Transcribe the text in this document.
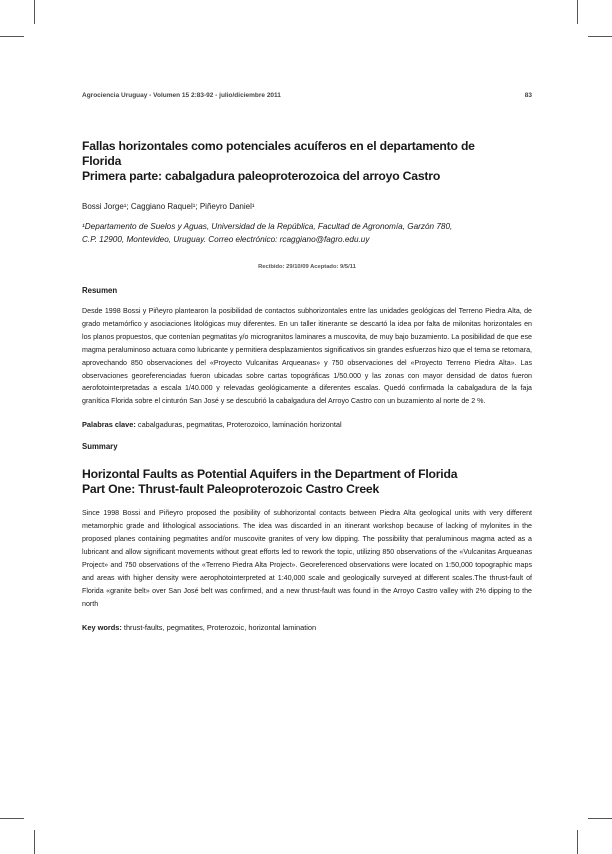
Agrociencia Uruguay - Volumen 15 2:83-92 - julio/diciembre 2011	83
Fallas horizontales como potenciales acuíferos en el departamento de
Florida
Primera parte: cabalgadura paleoproterozoica del arroyo Castro
Bossi Jorge¹; Caggiano Raquel¹; Piñeyro Daniel¹
¹Departamento de Suelos y Aguas, Universidad de la República, Facultad de Agronomía, Garzón 780,
C.P. 12900, Montevideo, Uruguay. Correo electrónico: rcaggiano@fagro.edu.uy
Recibido: 29/10/09 Aceptado: 9/5/11
Resumen
Desde 1998 Bossi y Piñeyro plantearon la posibilidad de contactos subhorizontales entre las unidades geológicas del Terreno Piedra Alta, de grado metamórfico y asociaciones litológicas muy diferentes. En un taller itinerante se descartó la idea por falta de milonitas horizontales en los planos propuestos, que contenían pegmatitas y/o microgranitos laminares a muscovita, de muy bajo buzamiento. La posibilidad de que ese magma peraluminoso actuara como lubricante y permitiera desplazamientos significativos sin grandes esfuerzos hizo que el tema se retomara, aprovechando 850 observaciones del «Proyecto Vulcanitas Arqueanas» y 750 observaciones del «Proyecto Terreno Piedra Alta». Las observaciones georeferenciadas fueron ubicadas sobre cartas topográficas 1/50.000 y las zonas con mayor densidad de datos fueron aerofotointerpretadas a escala 1/40.000 y relevadas geológicamente a diferentes escalas. Quedó confirmada la cabalgadura de la faja granítica Florida sobre el cinturón San José y se descubrió la cabalgadura del Arroyo Castro con un buzamiento al norte de 2 %.
Palabras clave: cabalgaduras, pegmatitas, Proterozoico, laminación horizontal
Summary
Horizontal Faults as Potential Aquifers in the Department of Florida
Part One: Thrust-fault Paleoproterozoic Castro Creek
Since 1998 Bossi and Piñeyro proposed the posibility of subhorizontal contacts between Piedra Alta geological units with very different metamorphic grade and lithological associations. The idea was discarded in an itinerant workshop because of lacking of mylonites in the proposed planes containing pegmatites and/or muscovite granites of very low dipping. The possibility that peraluminous magma acted as a lubricant and allow significant movements without great efforts led to rework the topic, utilizing 850 observations of the «Vulcanitas Arqueanas Project» and 750 observations of the «Terreno Piedra Alta Project». Georeferenced observations were located on 1:50,000 topographic maps and areas with higher density were aerophotointerpreted at 1:40,000 scale and geologically surveyed at different scales.The thrust-fault of Florida «granite belt» over San José belt was confirmed, and a new thrust-fault was found in the Arroyo Castro valley with 2% dipping to the north
Key words: thrust-faults, pegmatites, Proterozoic, horizontal lamination
